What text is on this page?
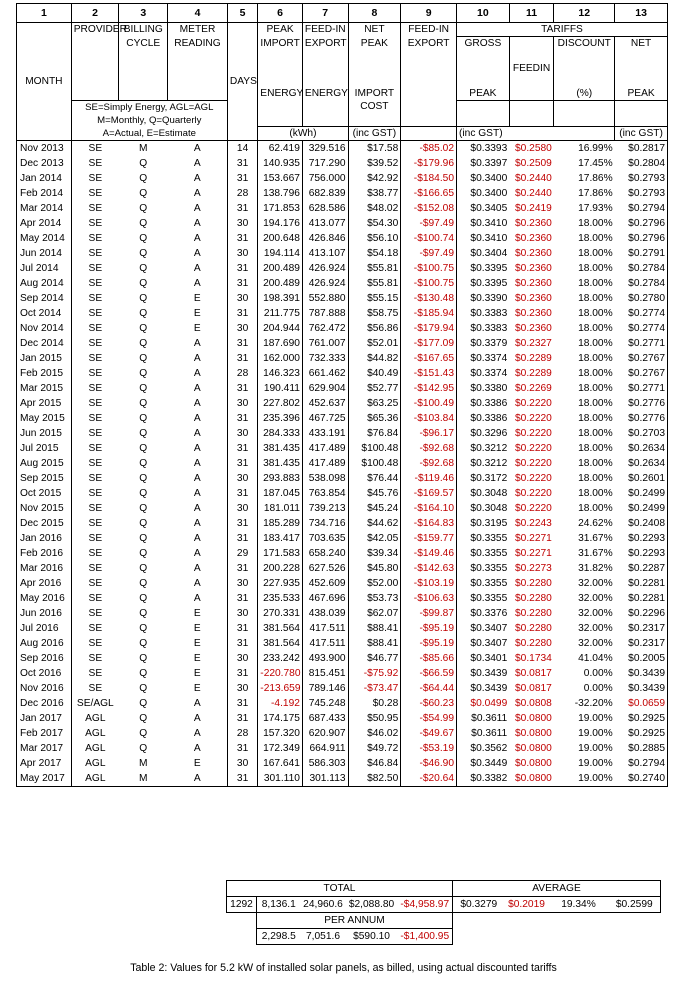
1	2	3	4	5	6	7	8	9	10	11	12	13
MONTH	PROVIDER	BILLING	METER	DAYS	PEAK	FEED-IN	NET	FEED-IN	TARIFFS			
		CYCLE	READING		IMPORT	EXPORT	PEAK	EXPORT	GROSS	FEEDIN	DISCOUNT	NET
					ENERGY	ENERGY	IMPORT		PEAK		(%)	PEAK
	SE=Simply Energy, AGL=AGL						COST					
	M=Monthly, Q=Quarterly											
	A=Actual, E=Estimate				(kWh)		(inc GST)		(inc GST)			(inc GST)
Nov 2013	SE	M	A	14	62.419	329.516	$17.58	-$85.02	$0.3393	$0.2580	16.99%	$0.2817
Dec 2013	SE	Q	A	31	140.935	717.290	$39.52	-$179.96	$0.3397	$0.2509	17.45%	$0.2804
Jan 2014	SE	Q	A	31	153.667	756.000	$42.92	-$184.50	$0.3400	$0.2440	17.86%	$0.2793
Feb 2014	SE	Q	A	28	138.796	682.839	$38.77	-$166.65	$0.3400	$0.2440	17.86%	$0.2793
Mar 2014	SE	Q	A	31	171.853	628.586	$48.02	-$152.08	$0.3405	$0.2419	17.93%	$0.2794
Apr 2014	SE	Q	A	30	194.176	413.077	$54.30	-$97.49	$0.3410	$0.2360	18.00%	$0.2796
May 2014	SE	Q	A	31	200.648	426.846	$56.10	-$100.74	$0.3410	$0.2360	18.00%	$0.2796
Jun 2014	SE	Q	A	30	194.114	413.107	$54.18	-$97.49	$0.3404	$0.2360	18.00%	$0.2791
Jul 2014	SE	Q	A	31	200.489	426.924	$55.81	-$100.75	$0.3395	$0.2360	18.00%	$0.2784
Aug 2014	SE	Q	A	31	200.489	426.924	$55.81	-$100.75	$0.3395	$0.2360	18.00%	$0.2784
Sep 2014	SE	Q	E	30	198.391	552.880	$55.15	-$130.48	$0.3390	$0.2360	18.00%	$0.2780
Oct 2014	SE	Q	E	31	211.775	787.888	$58.75	-$185.94	$0.3383	$0.2360	18.00%	$0.2774
Nov 2014	SE	Q	E	30	204.944	762.472	$56.86	-$179.94	$0.3383	$0.2360	18.00%	$0.2774
Dec 2014	SE	Q	A	31	187.690	761.007	$52.01	-$177.09	$0.3379	$0.2327	18.00%	$0.2771
Jan 2015	SE	Q	A	31	162.000	732.333	$44.82	-$167.65	$0.3374	$0.2289	18.00%	$0.2767
Feb 2015	SE	Q	A	28	146.323	661.462	$40.49	-$151.43	$0.3374	$0.2289	18.00%	$0.2767
Mar 2015	SE	Q	A	31	190.411	629.904	$52.77	-$142.95	$0.3380	$0.2269	18.00%	$0.2771
Apr 2015	SE	Q	A	30	227.802	452.637	$63.25	-$100.49	$0.3386	$0.2220	18.00%	$0.2776
May 2015	SE	Q	A	31	235.396	467.725	$65.36	-$103.84	$0.3386	$0.2220	18.00%	$0.2776
Jun 2015	SE	Q	A	30	284.333	433.191	$76.84	-$96.17	$0.3296	$0.2220	18.00%	$0.2703
Jul 2015	SE	Q	A	31	381.435	417.489	$100.48	-$92.68	$0.3212	$0.2220	18.00%	$0.2634
Aug 2015	SE	Q	A	31	381.435	417.489	$100.48	-$92.68	$0.3212	$0.2220	18.00%	$0.2634
Sep 2015	SE	Q	A	30	293.883	538.098	$76.44	-$119.46	$0.3172	$0.2220	18.00%	$0.2601
Oct 2015	SE	Q	A	31	187.045	763.854	$45.76	-$169.57	$0.3048	$0.2220	18.00%	$0.2499
Nov 2015	SE	Q	A	30	181.011	739.213	$45.24	-$164.10	$0.3048	$0.2220	18.00%	$0.2499
Dec 2015	SE	Q	A	31	185.289	734.716	$44.62	-$164.83	$0.3195	$0.2243	24.62%	$0.2408
Jan 2016	SE	Q	A	31	183.417	703.635	$42.05	-$159.77	$0.3355	$0.2271	31.67%	$0.2293
Feb 2016	SE	Q	A	29	171.583	658.240	$39.34	-$149.46	$0.3355	$0.2271	31.67%	$0.2293
Mar 2016	SE	Q	A	31	200.228	627.526	$45.80	-$142.63	$0.3355	$0.2273	31.82%	$0.2287
Apr 2016	SE	Q	A	30	227.935	452.609	$52.00	-$103.19	$0.3355	$0.2280	32.00%	$0.2281
May 2016	SE	Q	A	31	235.533	467.696	$53.73	-$106.63	$0.3355	$0.2280	32.00%	$0.2281
Jun 2016	SE	Q	E	30	270.331	438.039	$62.07	-$99.87	$0.3376	$0.2280	32.00%	$0.2296
Jul 2016	SE	Q	E	31	381.564	417.511	$88.41	-$95.19	$0.3407	$0.2280	32.00%	$0.2317
Aug 2016	SE	Q	E	31	381.564	417.511	$88.41	-$95.19	$0.3407	$0.2280	32.00%	$0.2317
Sep 2016	SE	Q	E	30	233.242	493.900	$46.77	-$85.66	$0.3401	$0.1734	41.04%	$0.2005
Oct 2016	SE	Q	E	31	-220.780	815.451	-$75.92	-$66.59	$0.3439	$0.0817	0.00%	$0.3439
Nov 2016	SE	Q	E	30	-213.659	789.146	-$73.47	-$64.44	$0.3439	$0.0817	0.00%	$0.3439
Dec 2016	SE/AGL	Q	A	31	-4.192	745.248	$0.28	-$60.23	$0.0499	$0.0808	-32.20%	$0.0659
Jan 2017	AGL	Q	A	31	174.175	687.433	$50.95	-$54.99	$0.3611	$0.0800	19.00%	$0.2925
Feb 2017	AGL	Q	A	28	157.320	620.907	$46.02	-$49.67	$0.3611	$0.0800	19.00%	$0.2925
Mar 2017	AGL	Q	A	31	172.349	664.911	$49.72	-$53.19	$0.3562	$0.0800	19.00%	$0.2885
Apr 2017	AGL	M	E	30	167.641	586.303	$46.84	-$46.90	$0.3449	$0.0800	19.00%	$0.2794
May 2017	AGL	M	A	31	301.110	301.113	$82.50	-$20.64	$0.3382	$0.0800	19.00%	$0.2740
TOTAL					AVERAGE			
1292	8,136.1	24,960.6	$2,088.80	-$4,958.97	$0.3279	$0.2019	19.34%	$0.2599
	PER ANNUM							
	2,298.5	7,051.6	$590.10	-$1,400.95				
Table 2: Values for 5.2 kW of installed solar panels, as billed, using actual discounted tariffs
